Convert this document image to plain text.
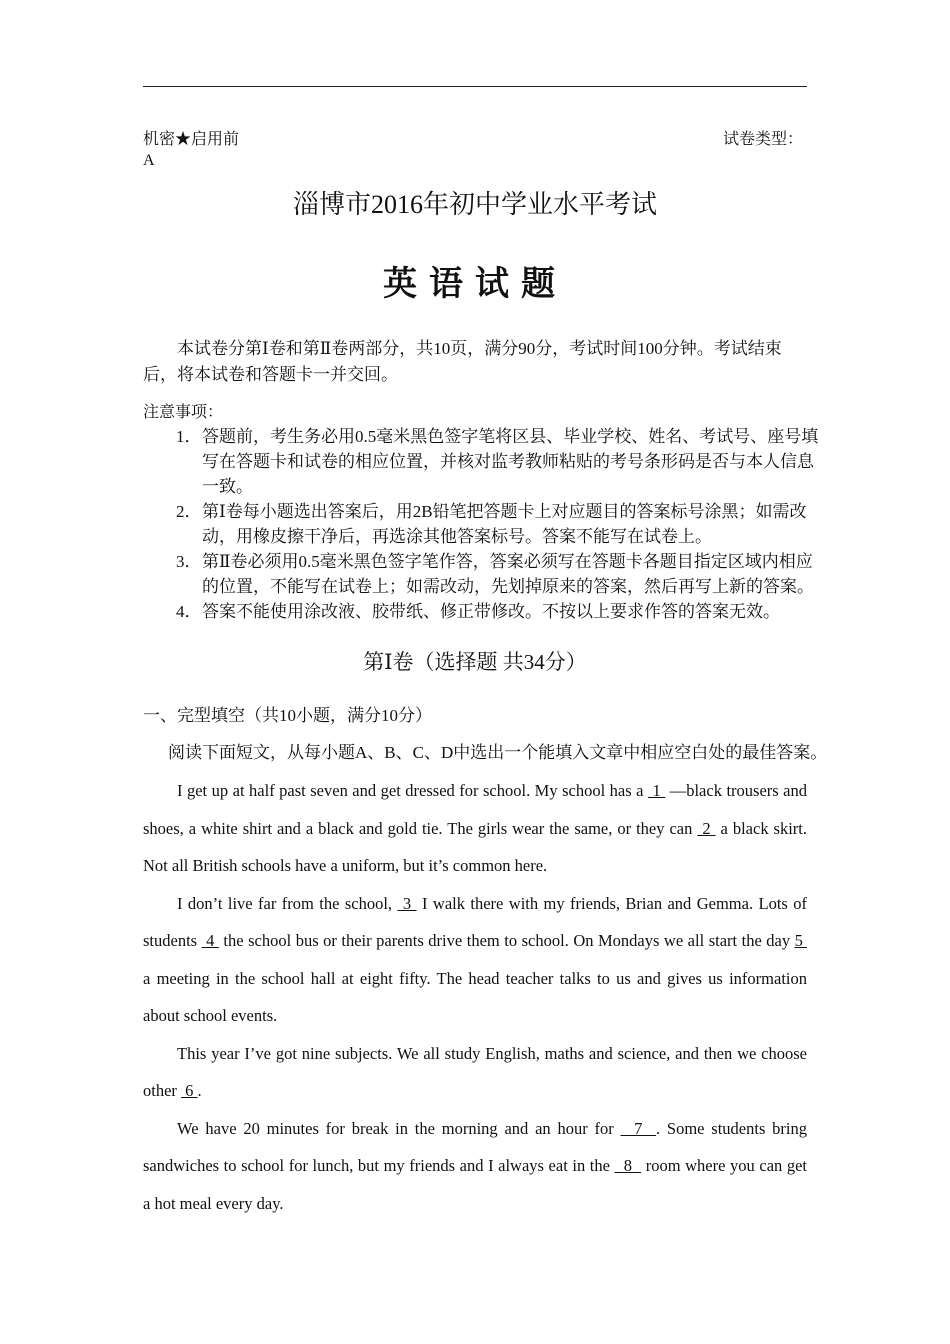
机密★启用前
A
试卷类型：
淄博市2016年初中学业水平考试
英语试题
本试卷分第Ⅰ卷和第Ⅱ卷两部分，共10页，满分90分，考试时间100分钟。考试结束后，将本试卷和答题卡一并交回。
注意事项：
1． 答题前，考生务必用0.5毫米黑色签字笔将区县、毕业学校、姓名、考试号、座号填写在答题卡和试卷的相应位置，并核对监考教师粘贴的考号条形码是否与本人信息一致。
2． 第Ⅰ卷每小题选出答案后，用2B铅笔把答题卡上对应题目的答案标号涂黑；如需改动，用橡皮擦干净后，再选涂其他答案标号。答案不能写在试卷上。
3． 第Ⅱ卷必须用0.5毫米黑色签字笔作答，答案必须写在答题卡各题目指定区域内相应的位置，不能写在试卷上；如需改动，先划掉原来的答案，然后再写上新的答案。
4． 答案不能使用涂改液、胶带纸、修正带修改。不按以上要求作答的答案无效。
第Ⅰ卷（选择题 共34分）
一、完型填空（共10小题，满分10分）
阅读下面短文，从每小题A、B、C、D中选出一个能填入文章中相应空白处的最佳答案。

I get up at half past seven and get dressed for school. My school has a  1  —black trousers and shoes, a white shirt and a black and gold tie. The girls wear the same, or they can  2  a black skirt. Not all British schools have a uniform, but it’s common here.

I don’t live far from the school,  3  I walk there with my friends, Brian and Gemma. Lots of students  4  the school bus or their parents drive them to school. On Mondays we all start the day 5  a meeting in the school hall at eight fifty. The head teacher talks to us and gives us information about school events.

This year I’ve got nine subjects. We all study English, maths and science, and then we choose other  6 .

We have 20 minutes for break in the morning and an hour for   7  . Some students bring sandwiches to school for lunch, but my friends and I always eat in the   8   room where you can get a hot meal every day.
